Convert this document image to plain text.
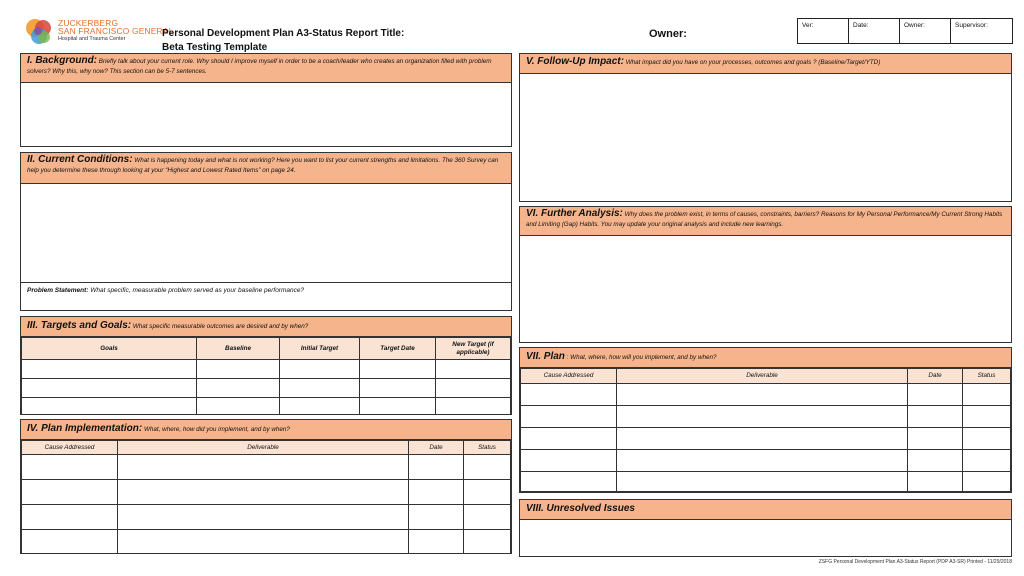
ZUCKERBERG
SAN FRANCISCO GENERAL
Hospital and Trauma Center	Personal Development Plan A3-Status Report Title:
Beta Testing Template
Owner:
Ver:	Date:	Owner:	Supervisor:
I. Background: Briefly talk about your current role. Why should I improve myself in order to be a coach/leader who creates an organization filled with problem solvers? Why this, why now? This section can be 5-7 sentences.
II. Current Conditions: What is happening today and what is not working? Here you want to list your current strengths and limitations. The 360 Survey can help you determine these through looking at your “Highest and Lowest Rated Items” on page 24.
Problem Statement: What specific, measurable problem served as your baseline performance?
III. Targets and Goals: What specific measurable outcomes are desired and by when?
Goals	Baseline	Initial Target	Target Date	New Target (if applicable)

IV. Plan Implementation: What, where, how did you implement, and by when?
Cause Addressed	Deliverable	Date	Status

V. Follow-Up Impact: What impact did you have on your processes, outcomes and goals ? (Baseline/Target/YTD)
VI. Further Analysis: Why does the problem exist, in terms of causes, constraints, barriers? Reasons for My Personal Performance/My Current Strong Habits and Limiting (Gap) Habits. You may update your original analysis and include new learnings.
VII. Plan : What, where, how will you implement, and by when?
Cause Addressed	Deliverable	Date	Status

VIII. Unresolved Issues
ZSFG Personal Development Plan A3-Status Report (PDP A3-SR) Printed - 11/29/2018
